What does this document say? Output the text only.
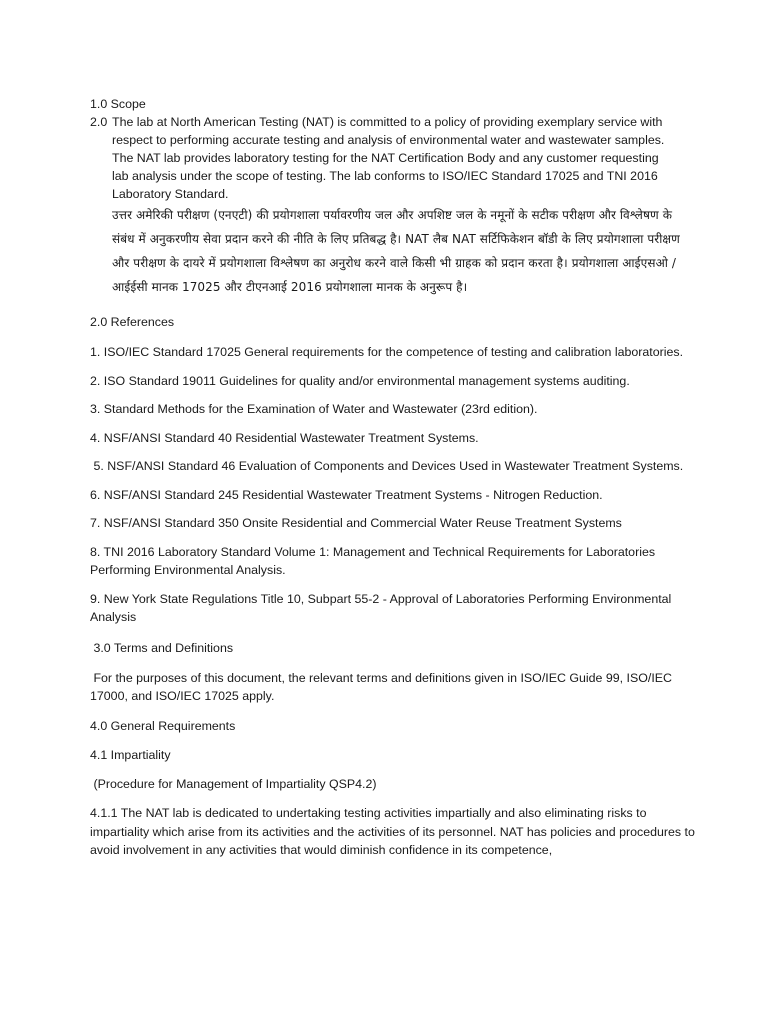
1.0 Scope
2.0 The lab at North American Testing (NAT) is committed to a policy of providing exemplary service with respect to performing accurate testing and analysis of environmental water and wastewater samples. The NAT lab provides laboratory testing for the NAT Certification Body and any customer requesting lab analysis under the scope of testing. The lab conforms to ISO/IEC Standard 17025 and TNI 2016 Laboratory Standard.
उत्तर अमेरिकी परीक्षण (एनएटी) की प्रयोगशाला पर्यावरणीय जल और अपशिष्ट जल के नमूनों के सटीक परीक्षण और विश्लेषण के संबंध में अनुकरणीय सेवा प्रदान करने की नीति के लिए प्रतिबद्ध है। NAT लैब NAT सर्टिफिकेशन बॉडी के लिए प्रयोगशाला परीक्षण और परीक्षण के दायरे में प्रयोगशाला विश्लेषण का अनुरोध करने वाले किसी भी ग्राहक को प्रदान करता है। प्रयोगशाला आईएसओ / आईईसी मानक 17025 और टीएनआई 2016 प्रयोगशाला मानक के अनुरूप है।
2.0 References
1. ISO/IEC Standard 17025 General requirements for the competence of testing and calibration laboratories.
2. ISO Standard 19011 Guidelines for quality and/or environmental management systems auditing.
3. Standard Methods for the Examination of Water and Wastewater (23rd edition).
4. NSF/ANSI Standard 40 Residential Wastewater Treatment Systems.
5. NSF/ANSI Standard 46 Evaluation of Components and Devices Used in Wastewater Treatment Systems.
6. NSF/ANSI Standard 245 Residential Wastewater Treatment Systems - Nitrogen Reduction.
7. NSF/ANSI Standard 350 Onsite Residential and Commercial Water Reuse Treatment Systems
8. TNI 2016 Laboratory Standard Volume 1: Management and Technical Requirements for Laboratories Performing Environmental Analysis.
9. New York State Regulations Title 10, Subpart 55-2 - Approval of Laboratories Performing Environmental Analysis
3.0 Terms and Definitions
For the purposes of this document, the relevant terms and definitions given in ISO/IEC Guide 99, ISO/IEC 17000, and ISO/IEC 17025 apply.
4.0 General Requirements
4.1 Impartiality
(Procedure for Management of Impartiality QSP4.2)
4.1.1 The NAT lab is dedicated to undertaking testing activities impartially and also eliminating risks to impartiality which arise from its activities and the activities of its personnel. NAT has policies and procedures to avoid involvement in any activities that would diminish confidence in its competence,
